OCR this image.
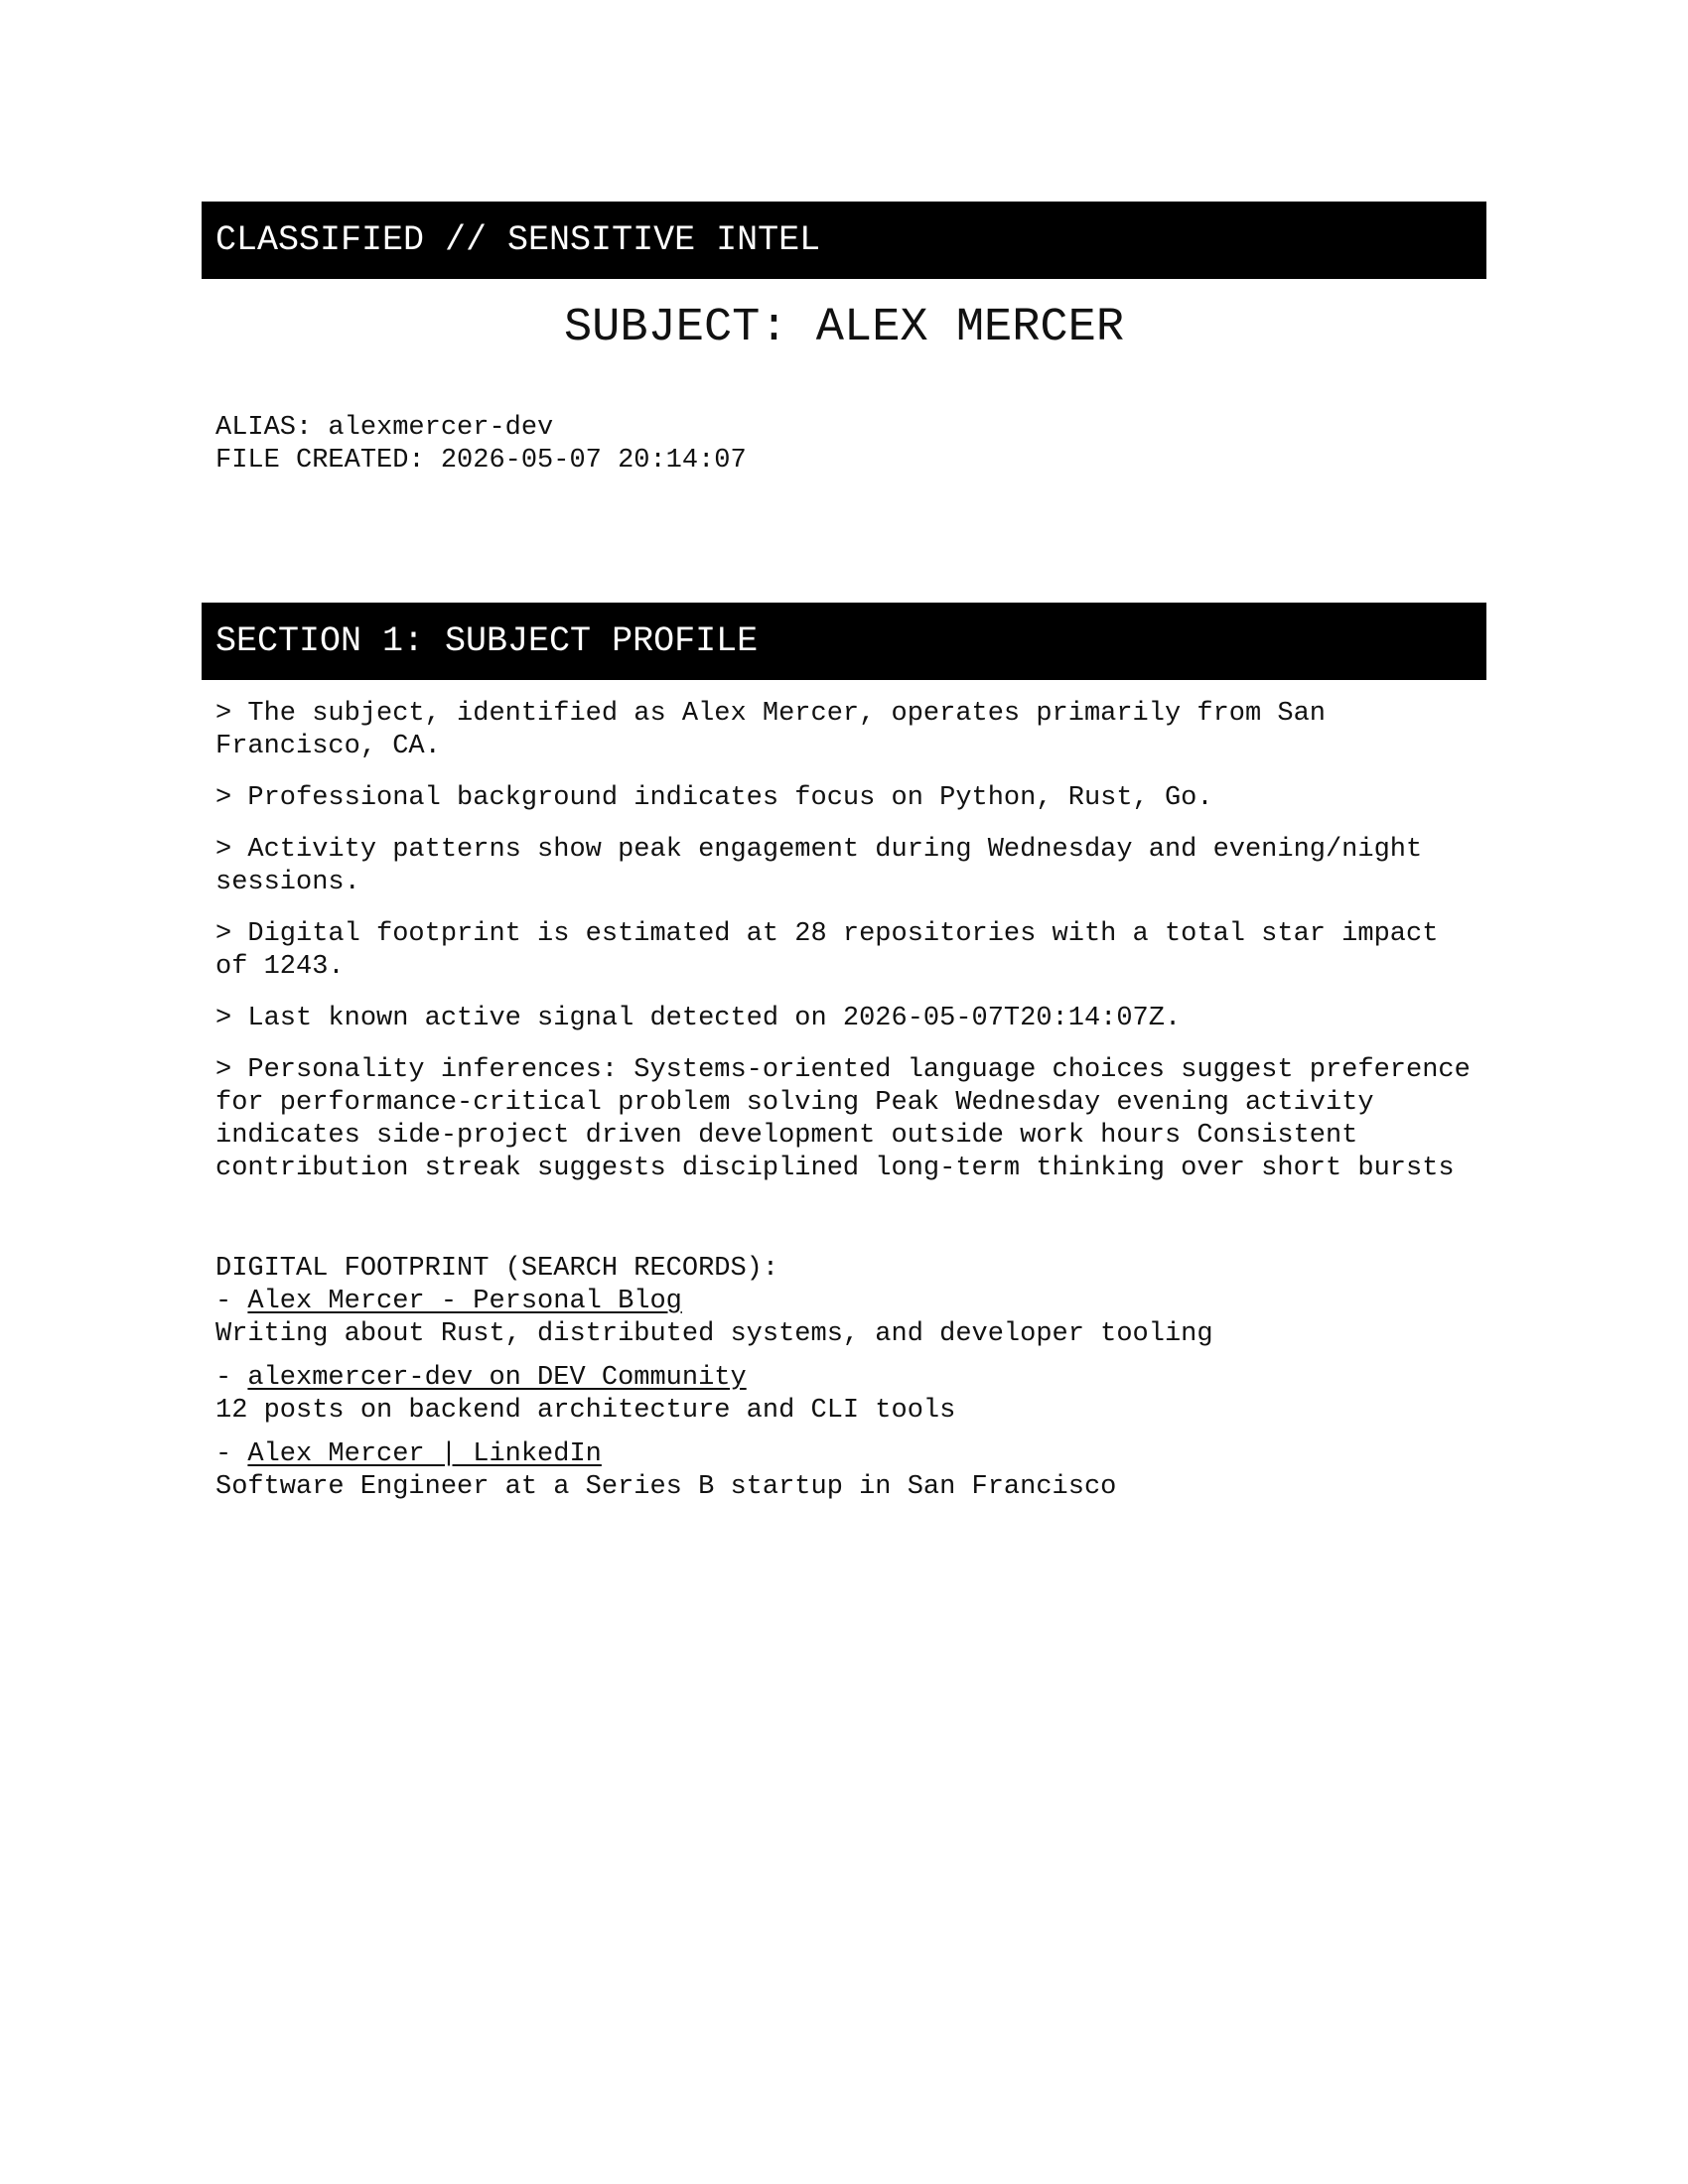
CLASSIFIED // SENSITIVE INTEL
SUBJECT: ALEX MERCER
ALIAS: alexmercer-dev
FILE CREATED: 2026-05-07 20:14:07
SECTION 1: SUBJECT PROFILE

> The subject, identified as Alex Mercer, operates primarily from San Francisco, CA.

> Professional background indicates focus on Python, Rust, Go.

> Activity patterns show peak engagement during Wednesday and evening/night sessions.

> Digital footprint is estimated at 28 repositories with a total star impact of 1243.

> Last known active signal detected on 2026-05-07T20:14:07Z.

> Personality inferences: Systems-oriented language choices suggest preference for performance-critical problem solving Peak Wednesday evening activity indicates side-project driven development outside work hours Consistent contribution streak suggests disciplined long-term thinking over short bursts

DIGITAL FOOTPRINT (SEARCH RECORDS):
- Alex Mercer - Personal Blog
Writing about Rust, distributed systems, and developer tooling
- alexmercer-dev on DEV Community
12 posts on backend architecture and CLI tools
- Alex Mercer | LinkedIn
Software Engineer at a Series B startup in San Francisco
